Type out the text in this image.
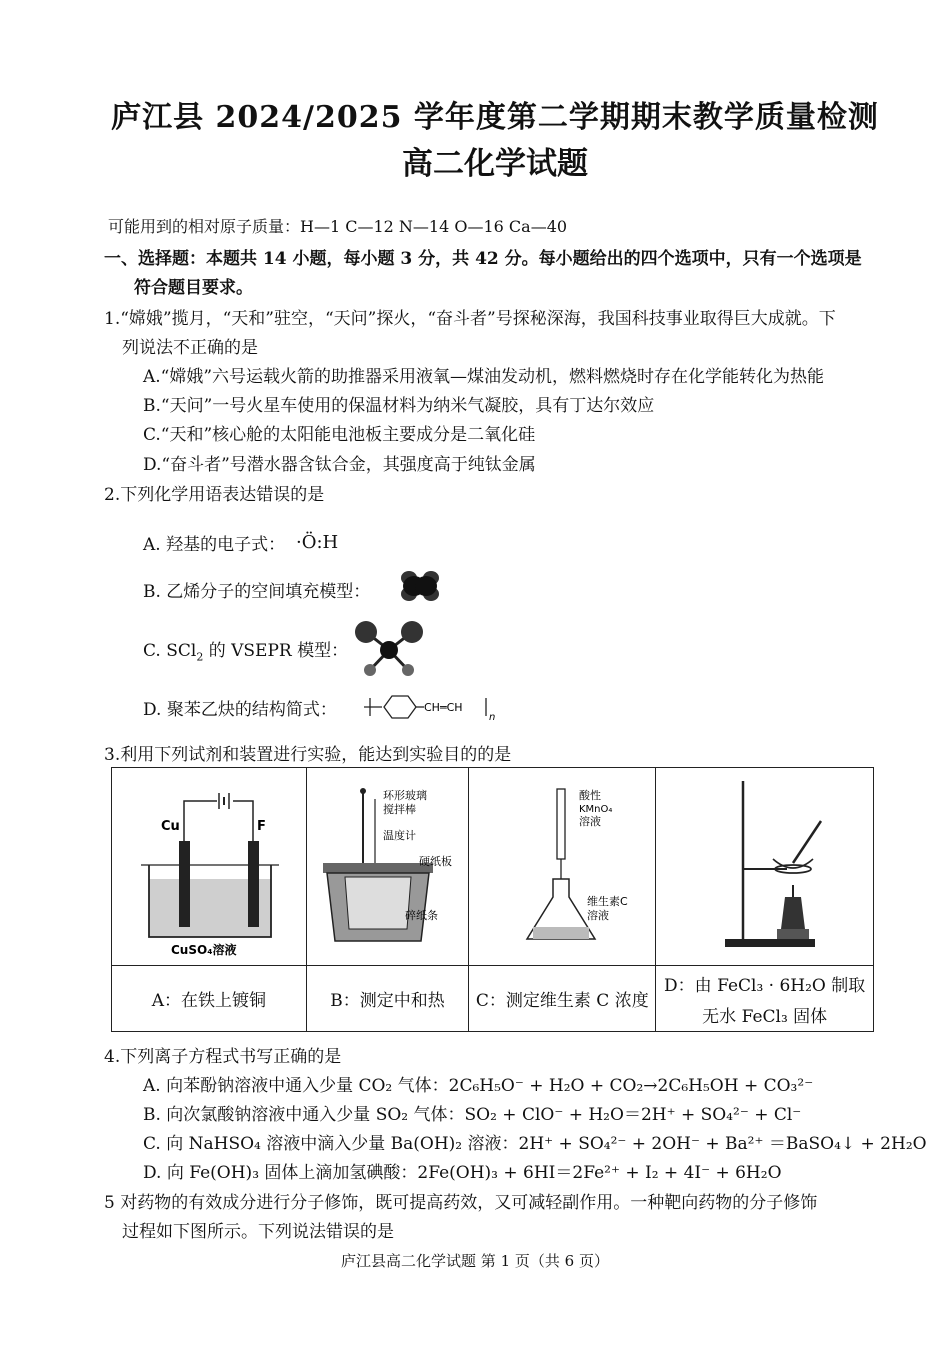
庐江县 2024/2025 学年度第二学期期末教学质量检测
高二化学试题
可能用到的相对原子质量：H—1 C—12 N—14 O—16 Ca—40
一、选择题：本题共 14 小题，每小题 3 分，共 42 分。每小题给出的四个选项中，只有一个选项是
符合题目要求。
1.“嫦娥”揽月，“天和”驻空，“天问”探火，“奋斗者”号探秘深海，我国科技事业取得巨大成就。下
列说法不正确的是
A.“嫦娥”六号运载火箭的助推器采用液氧—煤油发动机，燃料燃烧时存在化学能转化为热能
B.“天问”一号火星车使用的保温材料为纳米气凝胶，具有丁达尔效应
C.“天和”核心舱的太阳能电池板主要成分是二氧化硅
D.“奋斗者”号潜水器含钛合金，其强度高于纯钛金属
2.下列化学用语表达错误的是
A. 羟基的电子式： ·Ö:H
B. 乙烯分子的空间填充模型：
C. SCl$_2$ 的 VSEPR 模型：
D. 聚苯乙炔的结构简式：	CH═CH
n
3.利用下列试剂和装置进行实验，能达到实验目的的是
Cu F
CuSO₄溶液	环形玻璃
搅拌棒
温度计
硬纸板
碎纸条	酸性
KMnO₄
溶液
维生素C
溶液

A：在铁上镀铜	B：测定中和热	C：测定维生素 C 浓度	D：由 FeCl₃ · 6H₂O 制取
无水 FeCl₃ 固体
4.下列离子方程式书写正确的是
A. 向苯酚钠溶液中通入少量 CO₂ 气体：2C₆H₅O⁻ + H₂O + CO₂→2C₆H₅OH + CO₃²⁻
B. 向次氯酸钠溶液中通入少量 SO₂ 气体：SO₂ + ClO⁻ + H₂O＝2H⁺ + SO₄²⁻ + Cl⁻
C. 向 NaHSO₄ 溶液中滴入少量 Ba(OH)₂ 溶液：2H⁺ + SO₄²⁻ + 2OH⁻ + Ba²⁺ ＝BaSO₄↓ + 2H₂O
D. 向 Fe(OH)₃ 固体上滴加氢碘酸：2Fe(OH)₃ + 6HI＝2Fe²⁺ + I₂ + 4I⁻ + 6H₂O
5 对药物的有效成分进行分子修饰，既可提高药效，又可减轻副作用。一种靶向药物的分子修饰
过程如下图所示。下列说法错误的是
庐江县高二化学试题 第 1 页（共 6 页）
